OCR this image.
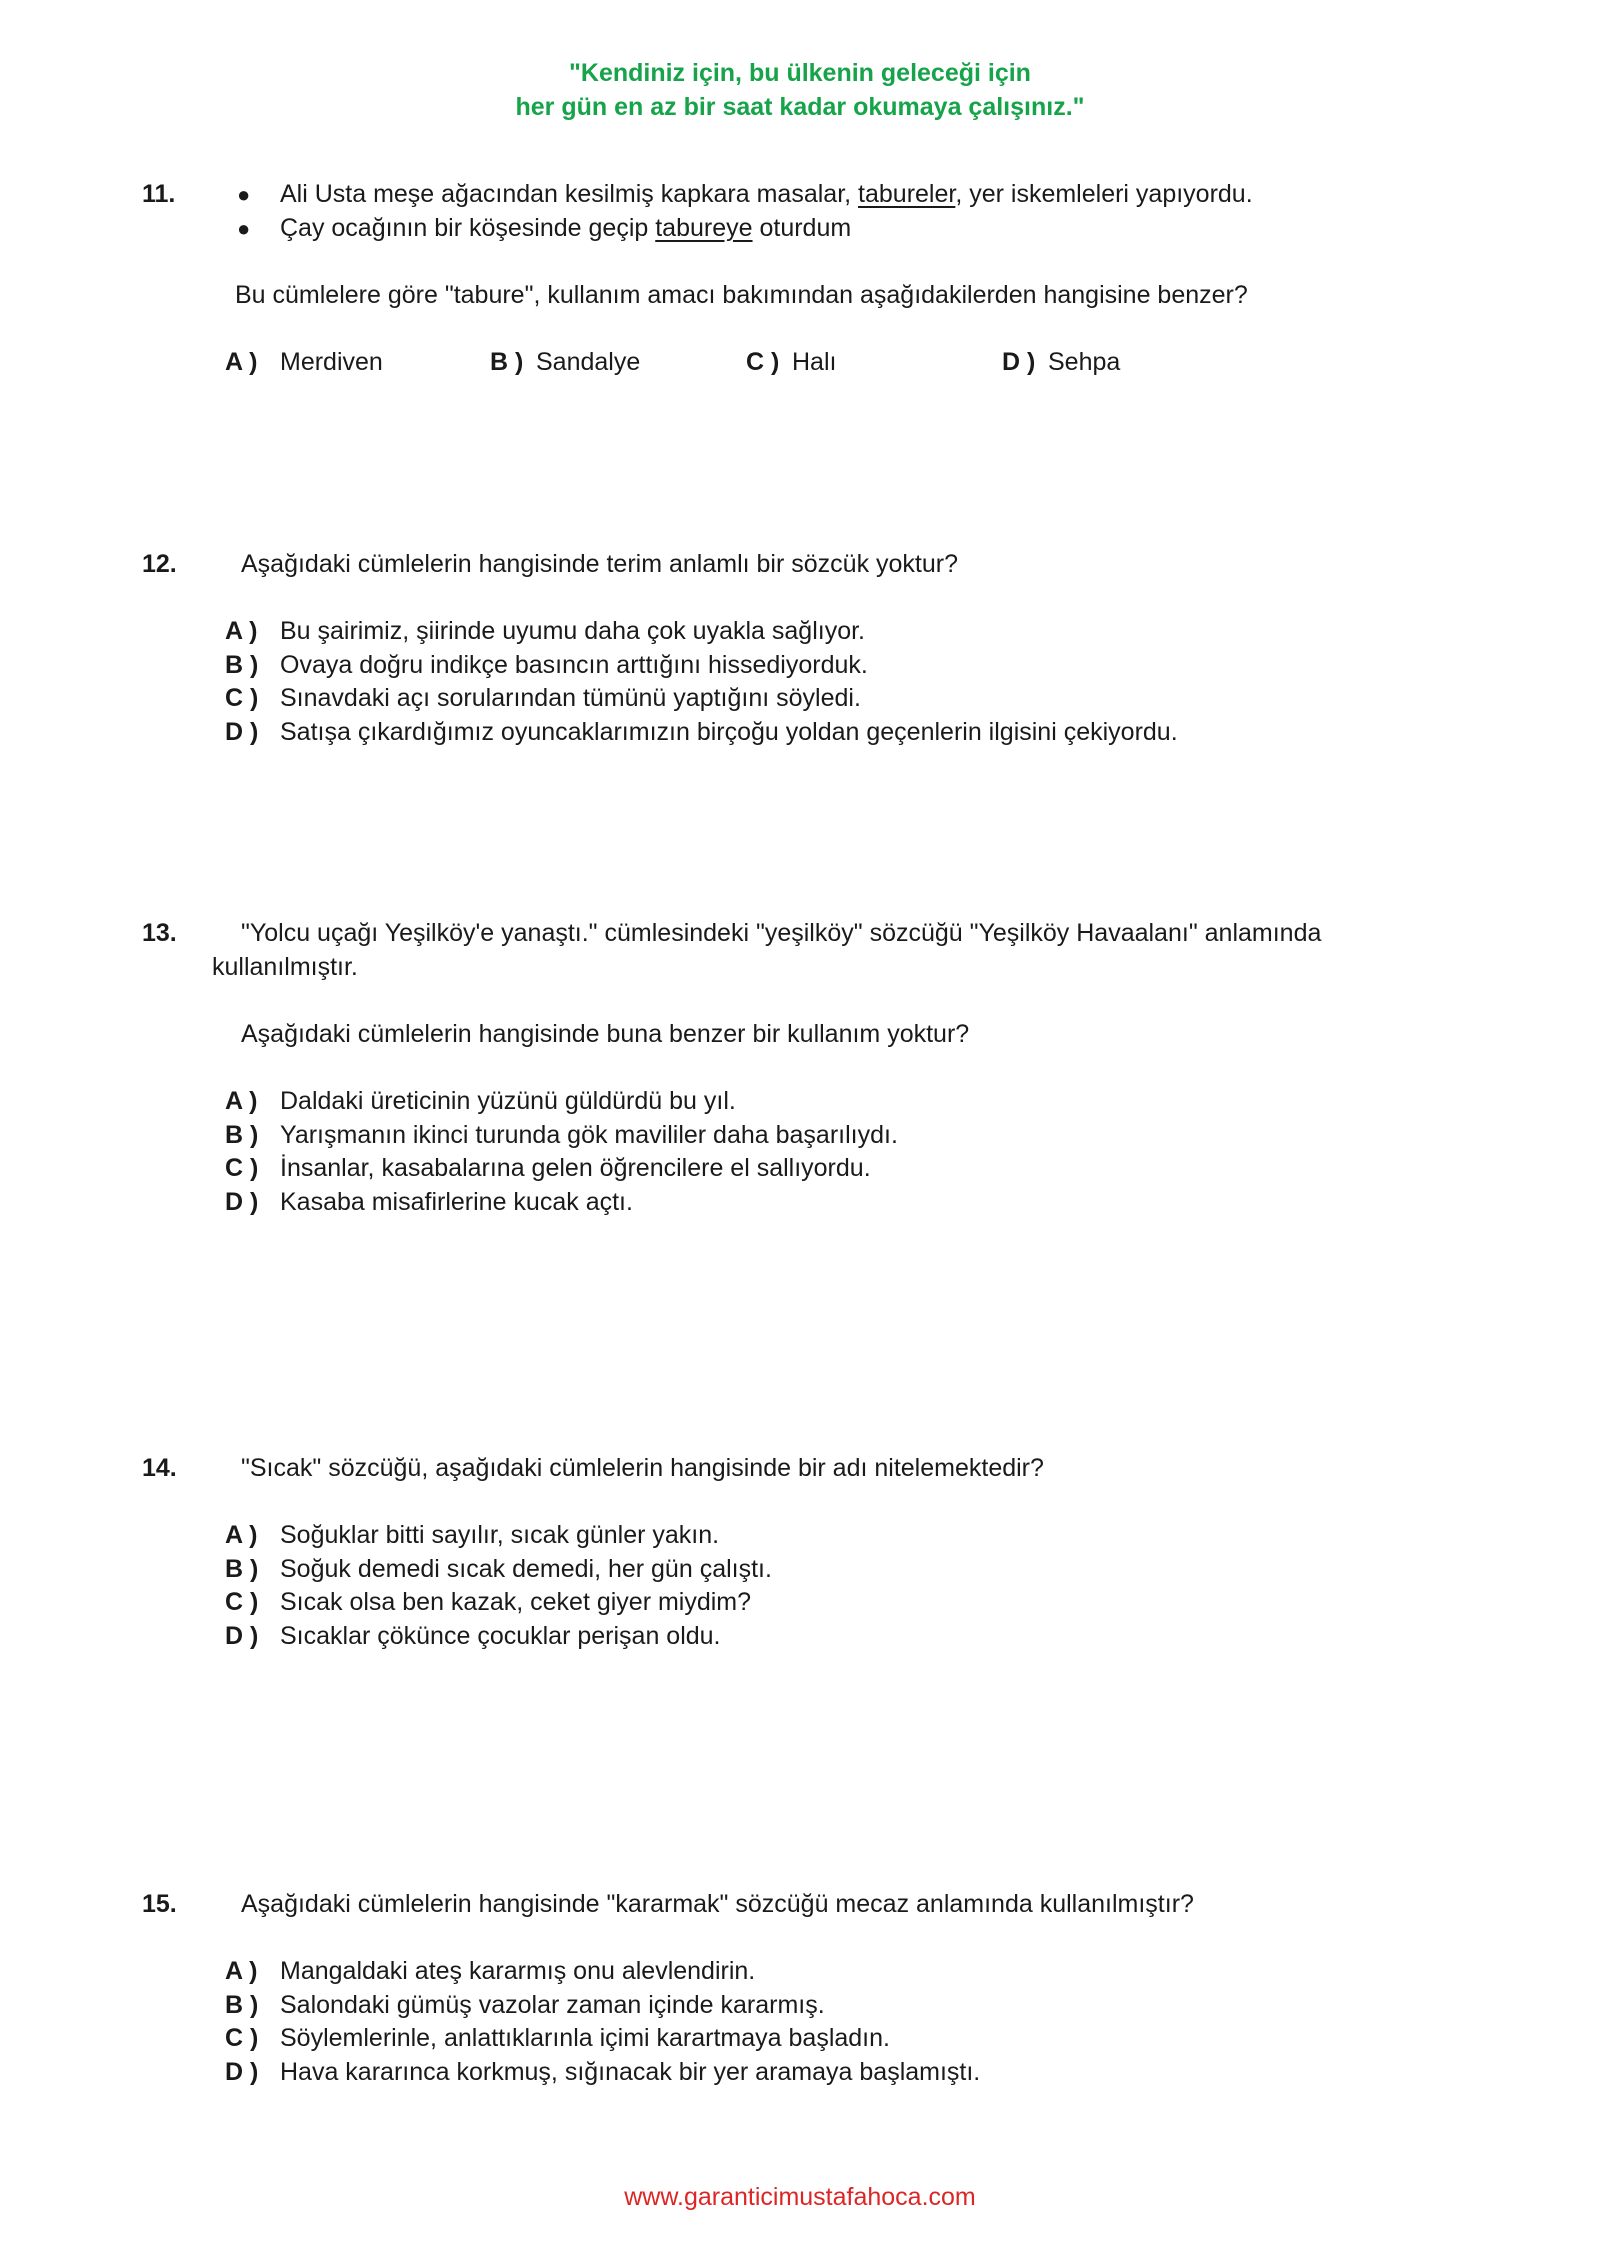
"Kendiniz için, bu ülkenin geleceği için
her gün en az bir saat kadar okumaya çalışınız."
11.	● Ali Usta meşe ağacından kesilmiş kapkara masalar, tabureler, yer iskemleleri yapıyordu.
● Çay ocağının bir köşesinde geçip tabureye oturdum
Bu cümlelere göre "tabure", kullanım amacı bakımından aşağıdakilerden hangisine benzer?
A ) Merdiven	B ) Sandalye	C ) Halı	D ) Sehpa
12.	Aşağıdaki cümlelerin hangisinde terim anlamlı bir sözcük yoktur?
A ) Bu şairimiz, şiirinde uyumu daha çok uyakla sağlıyor.
B ) Ovaya doğru indikçe basıncın arttığını hissediyorduk.
C ) Sınavdaki açı sorularından tümünü yaptığını söyledi.
D ) Satışa çıkardığımız oyuncaklarımızın birçoğu yoldan geçenlerin ilgisini çekiyordu.
13.	"Yolcu uçağı Yeşilköy'e yanaştı." cümlesindeki "yeşilköy" sözcüğü "Yeşilköy Havaalanı" anlamında
kullanılmıştır.
Aşağıdaki cümlelerin hangisinde buna benzer bir kullanım yoktur?
A ) Daldaki üreticinin yüzünü güldürdü bu yıl.
B ) Yarışmanın ikinci turunda gök mavililer daha başarılıydı.
C ) İnsanlar, kasabalarına gelen öğrencilere el sallıyordu.
D ) Kasaba misafirlerine kucak açtı.
14.	"Sıcak" sözcüğü, aşağıdaki cümlelerin hangisinde bir adı nitelemektedir?
A ) Soğuklar bitti sayılır, sıcak günler yakın.
B ) Soğuk demedi sıcak demedi, her gün çalıştı.
C ) Sıcak olsa ben kazak, ceket giyer miydim?
D ) Sıcaklar çökünce çocuklar perişan oldu.
15.	Aşağıdaki cümlelerin hangisinde "kararmak" sözcüğü mecaz anlamında kullanılmıştır?
A ) Mangaldaki ateş kararmış onu alevlendirin.
B ) Salondaki gümüş vazolar zaman içinde kararmış.
C ) Söylemlerinle, anlattıklarınla içimi karartmaya başladın.
D ) Hava kararınca korkmuş, sığınacak bir yer aramaya başlamıştı.
www.garanticimustafahoca.com
